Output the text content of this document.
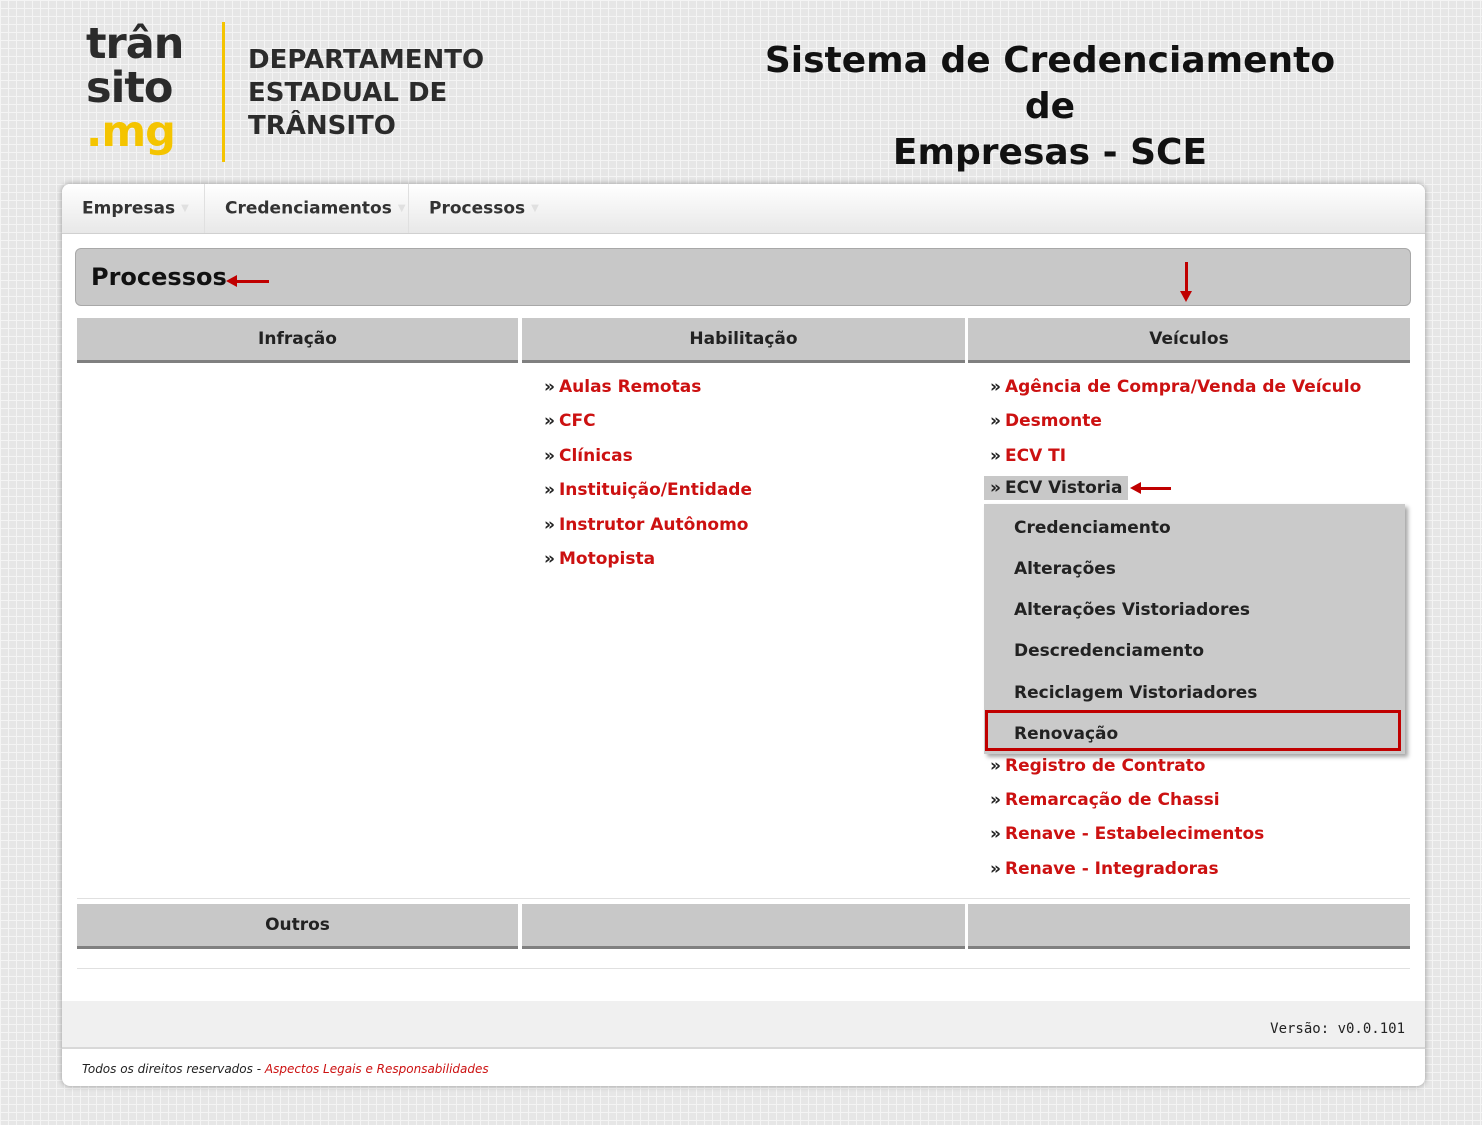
trân
sito
.mg
DEPARTAMENTO
ESTADUAL DE
TRÂNSITO
Sistema de Credenciamento de
Empresas - SCE
Empresas ▼	Credenciamentos ▼	Processos ▼
Processos
Infração	Habilitação	Veículos
» Aulas Remotas
» CFC
» Clínicas
» Instituição/Entidade
» Instrutor Autônomo
» Motopista
» Agência de Compra/Venda de Veículo
» Desmonte
» ECV TI
» ECV Vistoria
» Registro de Contrato
» Remarcação de Chassi
» Renave - Estabelecimentos
» Renave - Integradoras
Credenciamento
Alterações
Alterações Vistoriadores
Descredenciamento
Reciclagem Vistoriadores
Renovação
Outros
Versão: v0.0.101
Todos os direitos reservados - Aspectos Legais e Responsabilidades
